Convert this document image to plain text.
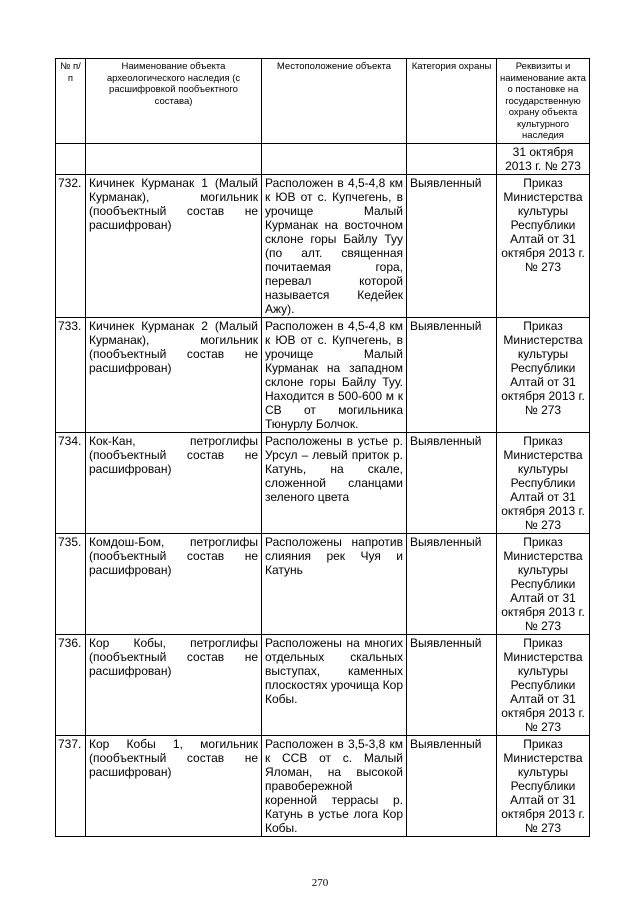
№ п/п	Наименование объекта археологического наследия (с расшифровкой пообъектного состава)	Местоположение объекта	Категория охраны	Реквизиты и наименование акта о постановке на государственную охрану объекта культурного наследия
				31 октября 2013 г. № 273
732.	Кичинек Курманак 1 (Малый Курманак), могильник (пообъектный состав не расшифрован)	Расположен в 4,5-4,8 км к ЮВ от с. Купчегень, в урочище Малый Курманак на восточном склоне горы Байлу Туу (по алт. священная почитаемая гора, перевал которой называется Кедейек Ажу).	Выявленный	Приказ Министерства культуры Республики Алтай от 31 октября 2013 г. № 273
733.	Кичинек Курманак 2 (Малый Курманак), могильник (пообъектный состав не расшифрован)	Расположен в 4,5-4,8 км к ЮВ от с. Купчегень, в урочище Малый Курманак на западном склоне горы Байлу Туу. Находится в 500-600 м к СВ от могильника Тюнурлу Болчок.	Выявленный	Приказ Министерства культуры Республики Алтай от 31 октября 2013 г. № 273
734.	Кок-Кан, петроглифы (пообъектный состав не расшифрован)	Расположены в устье р. Урсул – левый приток р. Катунь, на скале, сложенной сланцами зеленого цвета	Выявленный	Приказ Министерства культуры Республики Алтай от 31 октября 2013 г. № 273
735.	Комдош-Бом, петроглифы (пообъектный состав не расшифрован)	Расположены напротив слияния рек Чуя и Катунь	Выявленный	Приказ Министерства культуры Республики Алтай от 31 октября 2013 г. № 273
736.	Кор Кобы, петроглифы (пообъектный состав не расшифрован)	Расположены на многих отдельных скальных выступах, каменных плоскостях урочища Кор Кобы.	Выявленный	Приказ Министерства культуры Республики Алтай от 31 октября 2013 г. № 273
737.	Кор Кобы 1, могильник (пообъектный состав не расшифрован)	Расположен в 3,5-3,8 км к ССВ от с. Малый Яломан, на высокой правобережной коренной террасы р. Катунь в устье лога Кор Кобы.	Выявленный	Приказ Министерства культуры Республики Алтай от 31 октября 2013 г. № 273
270
